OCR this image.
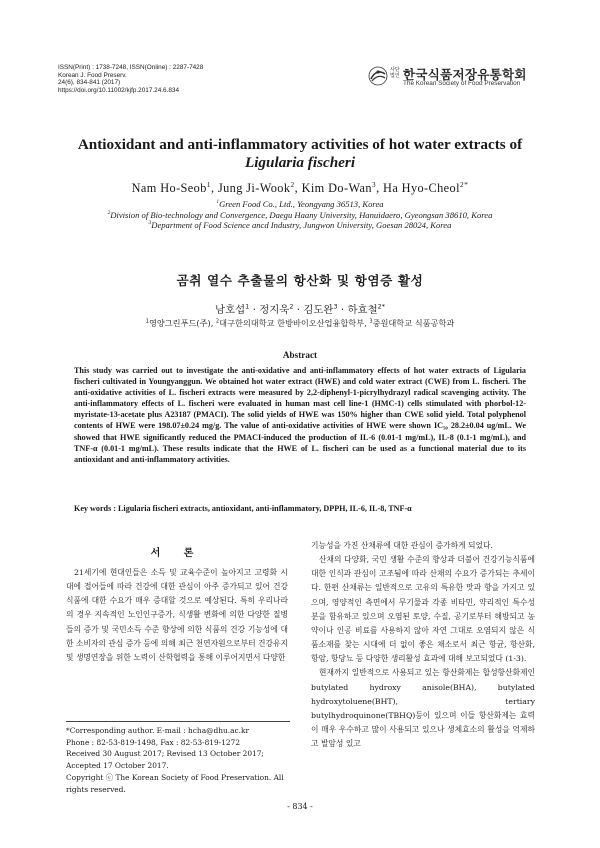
ISSN(Print) : 1738-7248, ISSN(Online) : 2287-7428
Korean J. Food Preserv.
24(6), 834-841 (2017)
https://doi.org/10.11002/kjfp.2017.24.6.834
사단법인 한국식품저장유통학회
The Korean Society of Food Preservation
Antioxidant and anti-inflammatory activities of hot water extracts of
Ligularia fischeri
Nam Ho-Seob$^1$, Jung Ji-Wook$^2$, Kim Do-Wan$^3$, Ha Hyo-Cheol$^{2*}$
$^1$Green Food Co., Ltd., Yeongyang 36513, Korea
$^2$Division of Bio-technology and Convergence, Daegu Haany University, Hanuidaero, Gyeongsan 38610, Korea
$^3$Department of Food Science ancd Industry, Jungwon University, Goesan 28024, Korea
곰취 열수 추출물의 항산화 및 항염증 활성
남호섭$^1$ · 정지욱$^2$ · 김도완$^3$ · 하효철$^{2*}$
$^1$영양그린푸드(주), $^2$대구한의대학교 한방바이오산업융합학부, $^3$중원대학교 식품공학과
Abstract
This study was carried out to investigate the anti-oxidative and anti-inflammatory effects of hot water extracts of Ligularia fischeri cultivated in Youngyanggun. We obtained hot water extract (HWE) and cold water extract (CWE) from L. fischeri. The anti-oxidative activities of L. fischeri extracts were measured by 2,2-diphenyl-1-picrylhydrazyl radical scavenging activity. The anti-inflammatory effects of L. fischeri were evaluated in human mast cell line-1 (HMC-1) cells stimulated with phorbol-12-myristate-13-acetate plus A23187 (PMACI). The solid yields of HWE was 150% higher than CWE solid yield. Total polyphenol contents of HWE were 198.07±0.24 mg/g. The value of anti-oxidative activities of HWE were shown IC₅₀ 28.2±0.04 ug/mL. We showed that HWE significantly reduced the PMACI-induced the production of IL-6 (0.01-1 mg/mL), IL-8 (0.1-1 mg/mL), and TNF-α (0.01-1 mg/mL). These results indicate that the HWE of L. fischeri can be used as a functional material due to its antioxidant and anti-inflammatory activities.
Key words : Ligularia fischeri extracts, antioxidant, anti-inflammatory, DPPH, IL-6, IL-8, TNF-α
서 론
21세기에 현대인들은 소득 및 교육수준이 높아지고 고령화 시대에 접어들에 따라 건강에 대한 관심이 아주 증가되고 있어 건강식품에 대한 수요가 매우 증대할 것으로 예상된다. 특히 우리나라의 경우 지속적인 노인인구증가, 식생활 변화에 의한 다양한 질병들의 증가 및 국민소득 수준 향상에 의한 식품의 건강 기능성에 대한 소비자의 관심 증가 등에 의해 최근 천연자원으로부터 건강유지 및 생명연장을 위한 노력이 산학협력을 통해 이루어지면서 다양한

기능성을 가진 산채류에 대한 관심이 증가하게 되었다.

산채의 다양화, 국민 생활 수준의 향상과 더불어 건강기능식품에 대한 인식과 관심이 고조됨에 따라 산채의 수요가 증가되는 추세이다. 한편 산채류는 일반적으로 고유의 특유한 맛과 향을 가지고 있으며, 영양적인 측면에서 무기물과 각종 비타민, 약리적인 특수성분을 함유하고 있으며 오염된 토양, 수질, 공기로부터 해방되고 농약이나 인공 비료를 사용하지 않아 자연 그대로 오염되지 않은 식품소재를 찾는 시대에 더 없이 좋은 채소로서 최근 항균, 항산화, 항암, 항당뇨 등 다양한 생리활성 효과에 대해 보고되었다 (1-3).

현재까지 일반적으로 사용되고 있는 항산화제는 합성항산화제인 butylated hydroxy anisole(BHA), butylated hydroxytoluene(BHT), tertiary butylhydroquinone(TBHQ)등이 있으며 이들 항산화제는 효력이 매우 우수하고 많이 사용되고 있으나 생체효소의 활성을 억제하고 발암성 있고

*Corresponding author. E-mail : hcha@dhu.ac.kr
Phone : 82-53-819-1498, Fax : 82-53-819-1272
Received 30 August 2017; Revised 13 October 2017; Accepted 17 October 2017.
Copyright ⓒ The Korean Society of Food Preservation. All rights reserved.
- 834 -
